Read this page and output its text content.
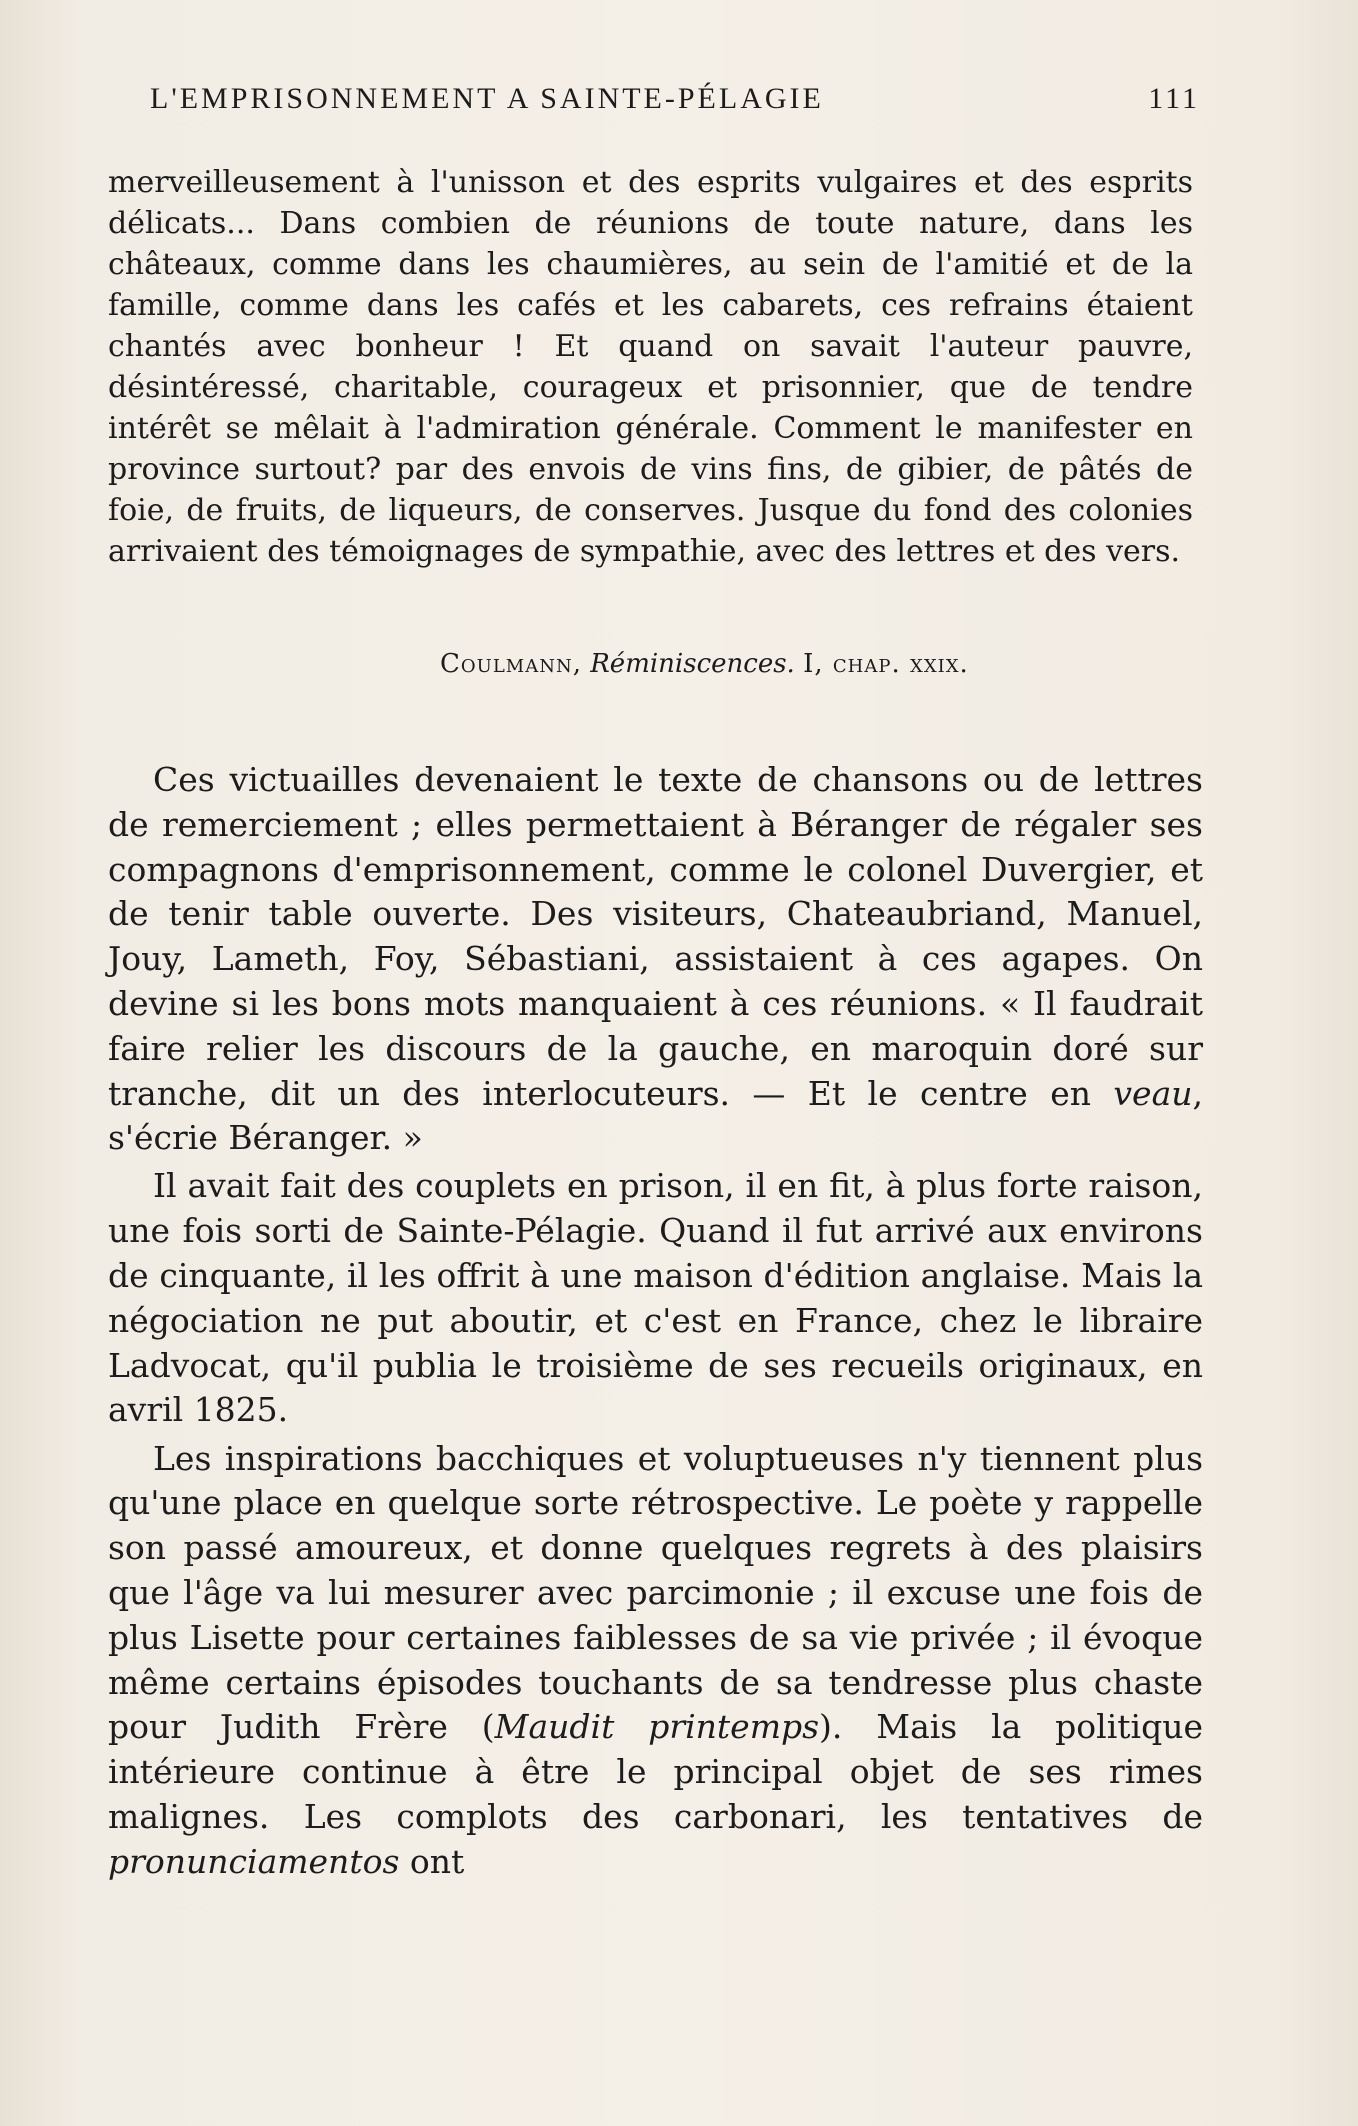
L'EMPRISONNEMENT A SAINTE-PÉLAGIE	111

merveilleusement à l'unisson et des esprits vulgaires et des esprits délicats... Dans combien de réunions de toute nature, dans les châteaux, comme dans les chaumières, au sein de l'amitié et de la famille, comme dans les cafés et les cabarets, ces refrains étaient chantés avec bonheur ! Et quand on savait l'auteur pauvre, désintéressé, charitable, courageux et prisonnier, que de tendre intérêt se mêlait à l'admiration générale. Comment le manifester en province surtout? par des envois de vins fins, de gibier, de pâtés de foie, de fruits, de liqueurs, de conserves. Jusque du fond des colonies arrivaient des témoignages de sympathie, avec des lettres et des vers.

Coulmann, Réminiscences. I, chap. xxix.

Ces victuailles devenaient le texte de chansons ou de lettres de remerciement ; elles permettaient à Béranger de régaler ses compagnons d'emprisonnement, comme le colonel Duvergier, et de tenir table ouverte. Des visiteurs, Chateaubriand, Manuel, Jouy, Lameth, Foy, Sébastiani, assistaient à ces agapes. On devine si les bons mots manquaient à ces réunions. « Il faudrait faire relier les discours de la gauche, en maroquin doré sur tranche, dit un des interlocuteurs. — Et le centre en veau, s'écrie Béranger. »

Il avait fait des couplets en prison, il en fit, à plus forte raison, une fois sorti de Sainte-Pélagie. Quand il fut arrivé aux environs de cinquante, il les offrit à une maison d'édition anglaise. Mais la négociation ne put aboutir, et c'est en France, chez le libraire Ladvocat, qu'il publia le troisième de ses recueils originaux, en avril 1825.

Les inspirations bacchiques et voluptueuses n'y tiennent plus qu'une place en quelque sorte rétrospective. Le poète y rappelle son passé amoureux, et donne quelques regrets à des plaisirs que l'âge va lui mesurer avec parcimonie ; il excuse une fois de plus Lisette pour certaines faiblesses de sa vie privée ; il évoque même certains épisodes touchants de sa tendresse plus chaste pour Judith Frère (Maudit printemps). Mais la politique intérieure continue à être le principal objet de ses rimes malignes. Les complots des carbonari, les tentatives de pronunciamentos ont
